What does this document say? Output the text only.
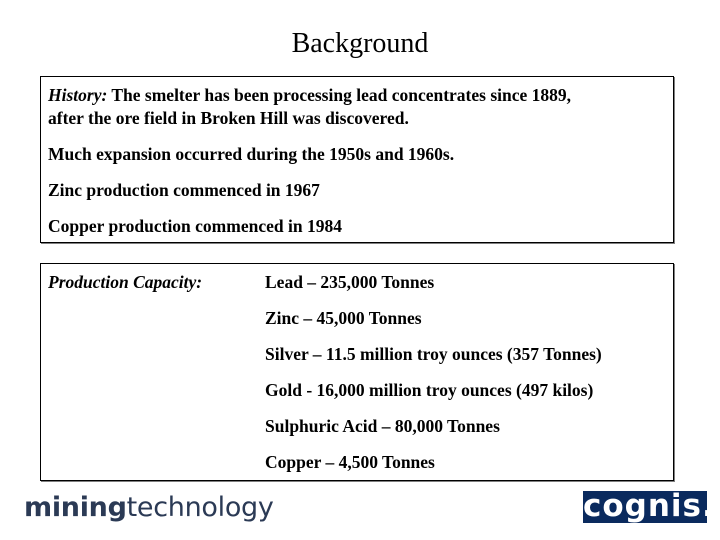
Background

History: The smelter has been processing lead concentrates since 1889,

after the ore field in Broken Hill was discovered.

Much expansion occurred during the 1950s and 1960s.

Zinc production commenced in 1967

Copper production commenced in 1984

Production Capacity:	Lead – 235,000 Tonnes
Zinc – 45,000 Tonnes
Silver – 11.5 million troy ounces (357 Tonnes)
Gold - 16,000 million troy ounces (497 kilos)
Sulphuric Acid – 80,000 Tonnes
Copper – 4,500 Tonnes
miningtechnology	cognis.
